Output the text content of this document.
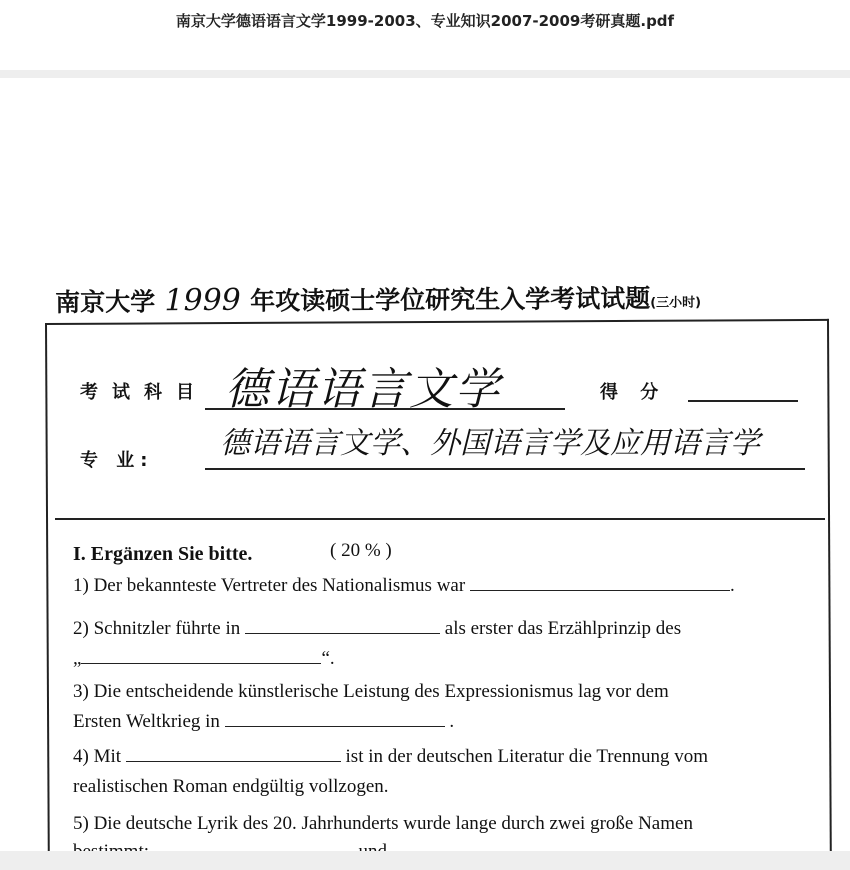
南京大学德语语言文学1999-2003、专业知识2007-2009考研真题.pdf
南京大学 1999 年攻读硕士学位研究生入学考试试题(三小时)
考试科目 德语语言文学	得 分
专 业: 德语语言文学、外国语言学及应用语言学
I. Ergänzen Sie bitte.	( 20 % )
1) Der bekannteste Vertreter des Nationalismus war	.
2) Schnitzler führte in	als erster das Erzählprinzip des
„	“.
3) Die entscheidende künstlerische Leistung des Expressionismus lag vor dem
Ersten Weltkrieg in	.
4) Mit	ist in der deutschen Literatur die Trennung vom
realistischen Roman endgültig vollzogen.
5) Die deutsche Lyrik des 20. Jahrhunderts wurde lange durch zwei große Namen
